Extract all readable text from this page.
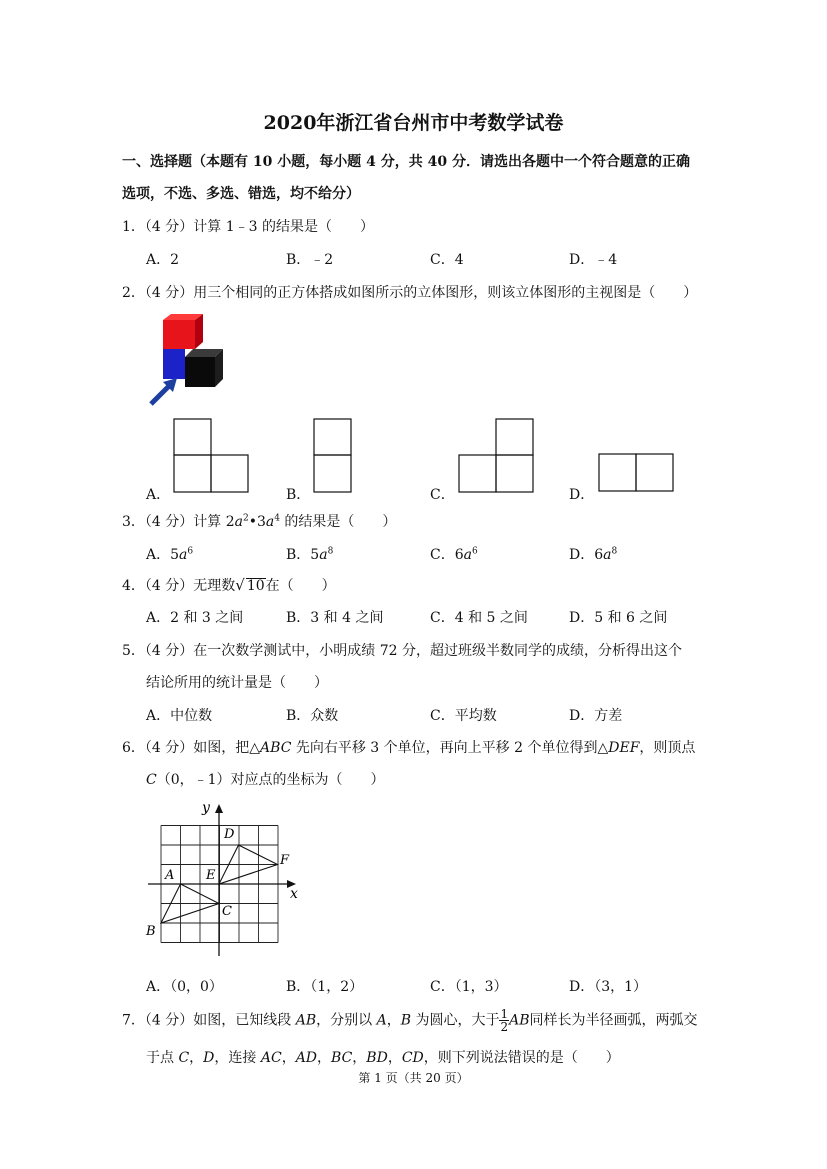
2020年浙江省台州市中考数学试卷
一、选择题（本题有 10 小题，每小题 4 分，共 40 分．请选出各题中一个符合题意的正确
选项，不选、多选、错选，均不给分）
1．（4 分）计算 1﹣3 的结果是（　　）
A．2	B．﹣2	C．4	D．﹣4
2．（4 分）用三个相同的正方体搭成如图所示的立体图形，则该立体图形的主视图是（　　）
A．	B．	C．	D．
3．（4 分）计算 $2a^2•3a^4$ 的结果是（　　）
A．$5a^6$	B．$5a^8$	C．$6a^6$	D．$6a^8$
4．（4 分）无理数√ 10在（　　）
A．2 和 3 之间	B．3 和 4 之间	C．4 和 5 之间	D．5 和 6 之间
5．（4 分）在一次数学测试中，小明成绩 72 分，超过班级半数同学的成绩，分析得出这个
结论所用的统计量是（　　）
A．中位数	B．众数	C．平均数	D．方差
6．（4 分）如图，把△ABC 先向右平移 3 个单位，再向上平移 2 个单位得到△DEF，则顶点
C（0，﹣1）对应点的坐标为（　　）
y
x
A
B
C
D
E
F
A．（0，0）	B．（1，2）	C．（1，3）	D．（3，1）
7．（4 分）如图，已知线段 AB，分别以 A，B 为圆心，大于 $\frac{1}{2}$ AB同样长为半径画弧，两弧交
于点 C，D，连接 AC，AD，BC，BD，CD，则下列说法错误的是（　　）
第 1 页（共 20 页）
